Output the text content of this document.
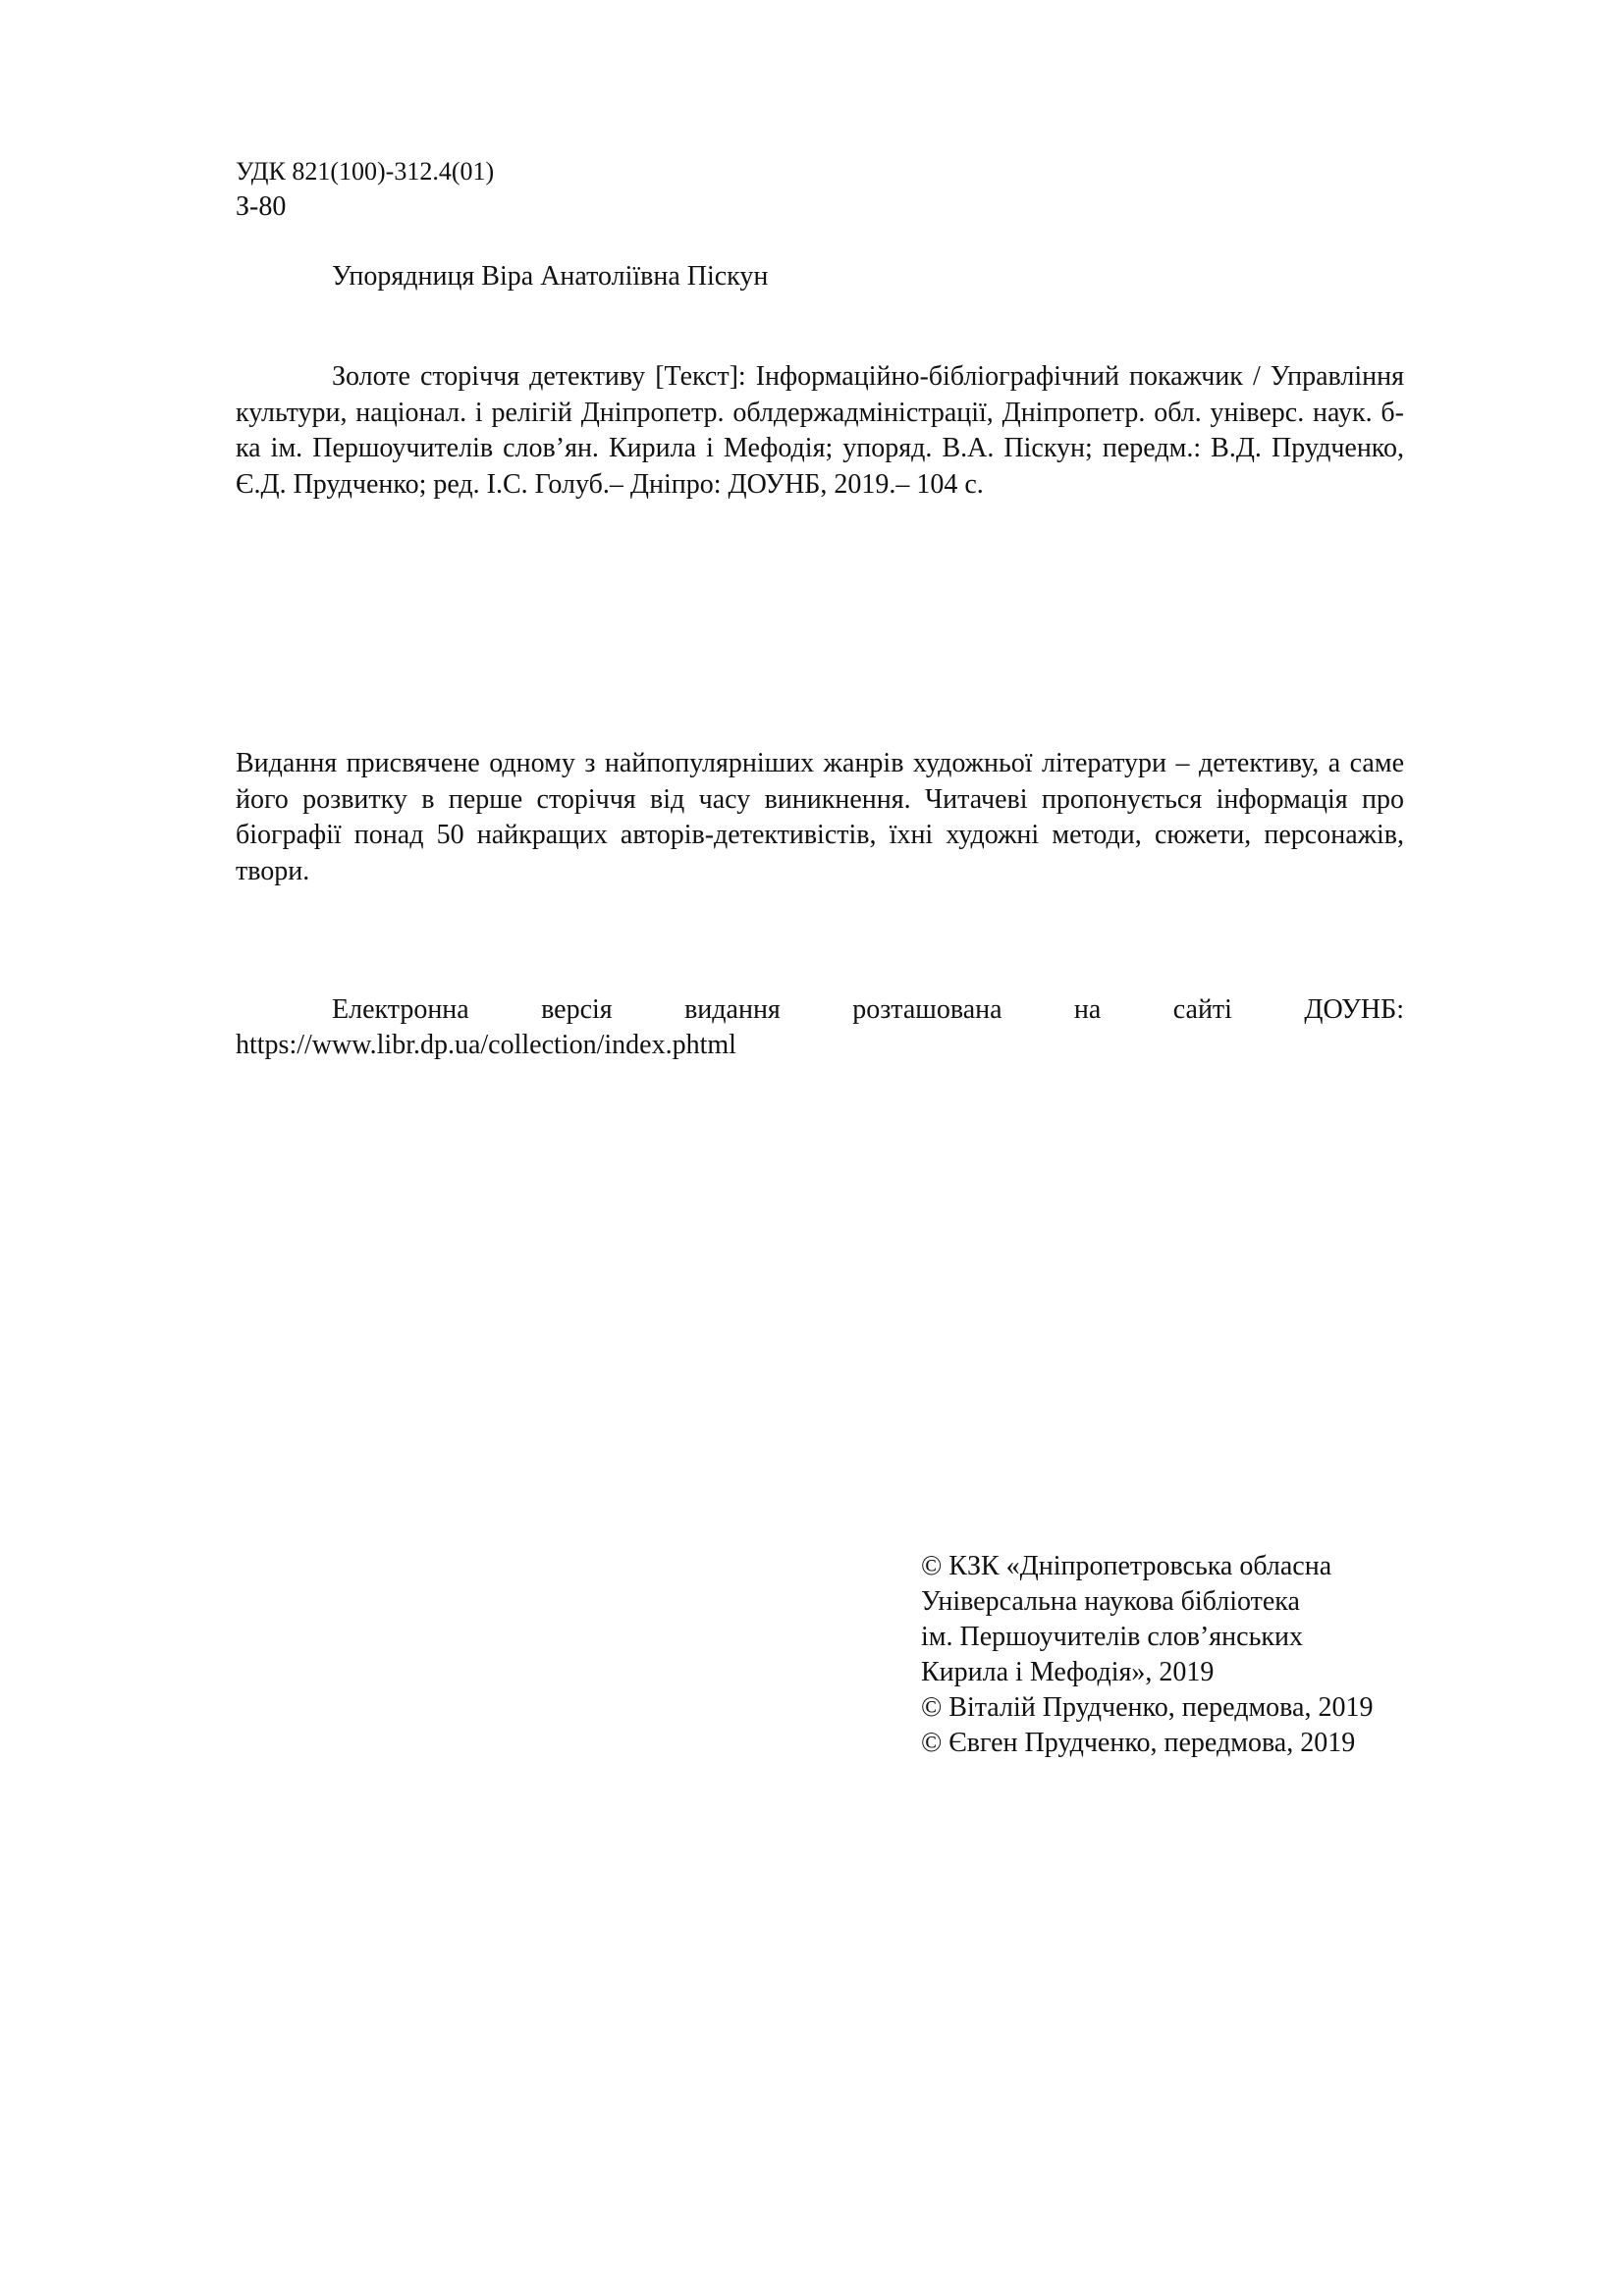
УДК 821(100)-312.4(01)
З-80
Упорядниця Віра Анатоліївна Піскун

Золоте сторіччя детективу [Текст]: Інформаційно-бібліографічний покажчик / Управління культури, націонал. і релігій Дніпропетр. облдержадміністрації, Дніпропетр. обл. універс. наук. б-ка ім. Першоучителів слов’ян. Кирила і Мефодія; упоряд. В.А. Піскун; передм.: В.Д. Прудченко, Є.Д. Прудченко; ред. І.С. Голуб.– Дніпро: ДОУНБ, 2019.– 104 с.

Видання присвячене одному з найпопулярніших жанрів художньої літератури – детективу, а саме його розвитку в перше сторіччя від часу виникнення. Читачеві пропонується інформація про біографії понад 50 найкращих авторів-детективістів, їхні художні методи, сюжети, персонажів, твори.

Електронна версія видання розташована на сайті ДОУНБ:
https://www.libr.dp.ua/collection/index.phtml
© КЗК «Дніпропетровська обласна
Універсальна наукова бібліотека
ім. Першоучителів слов’янських
Кирила і Мефодія», 2019
© Віталій Прудченко, передмова, 2019
© Євген Прудченко, передмова, 2019
